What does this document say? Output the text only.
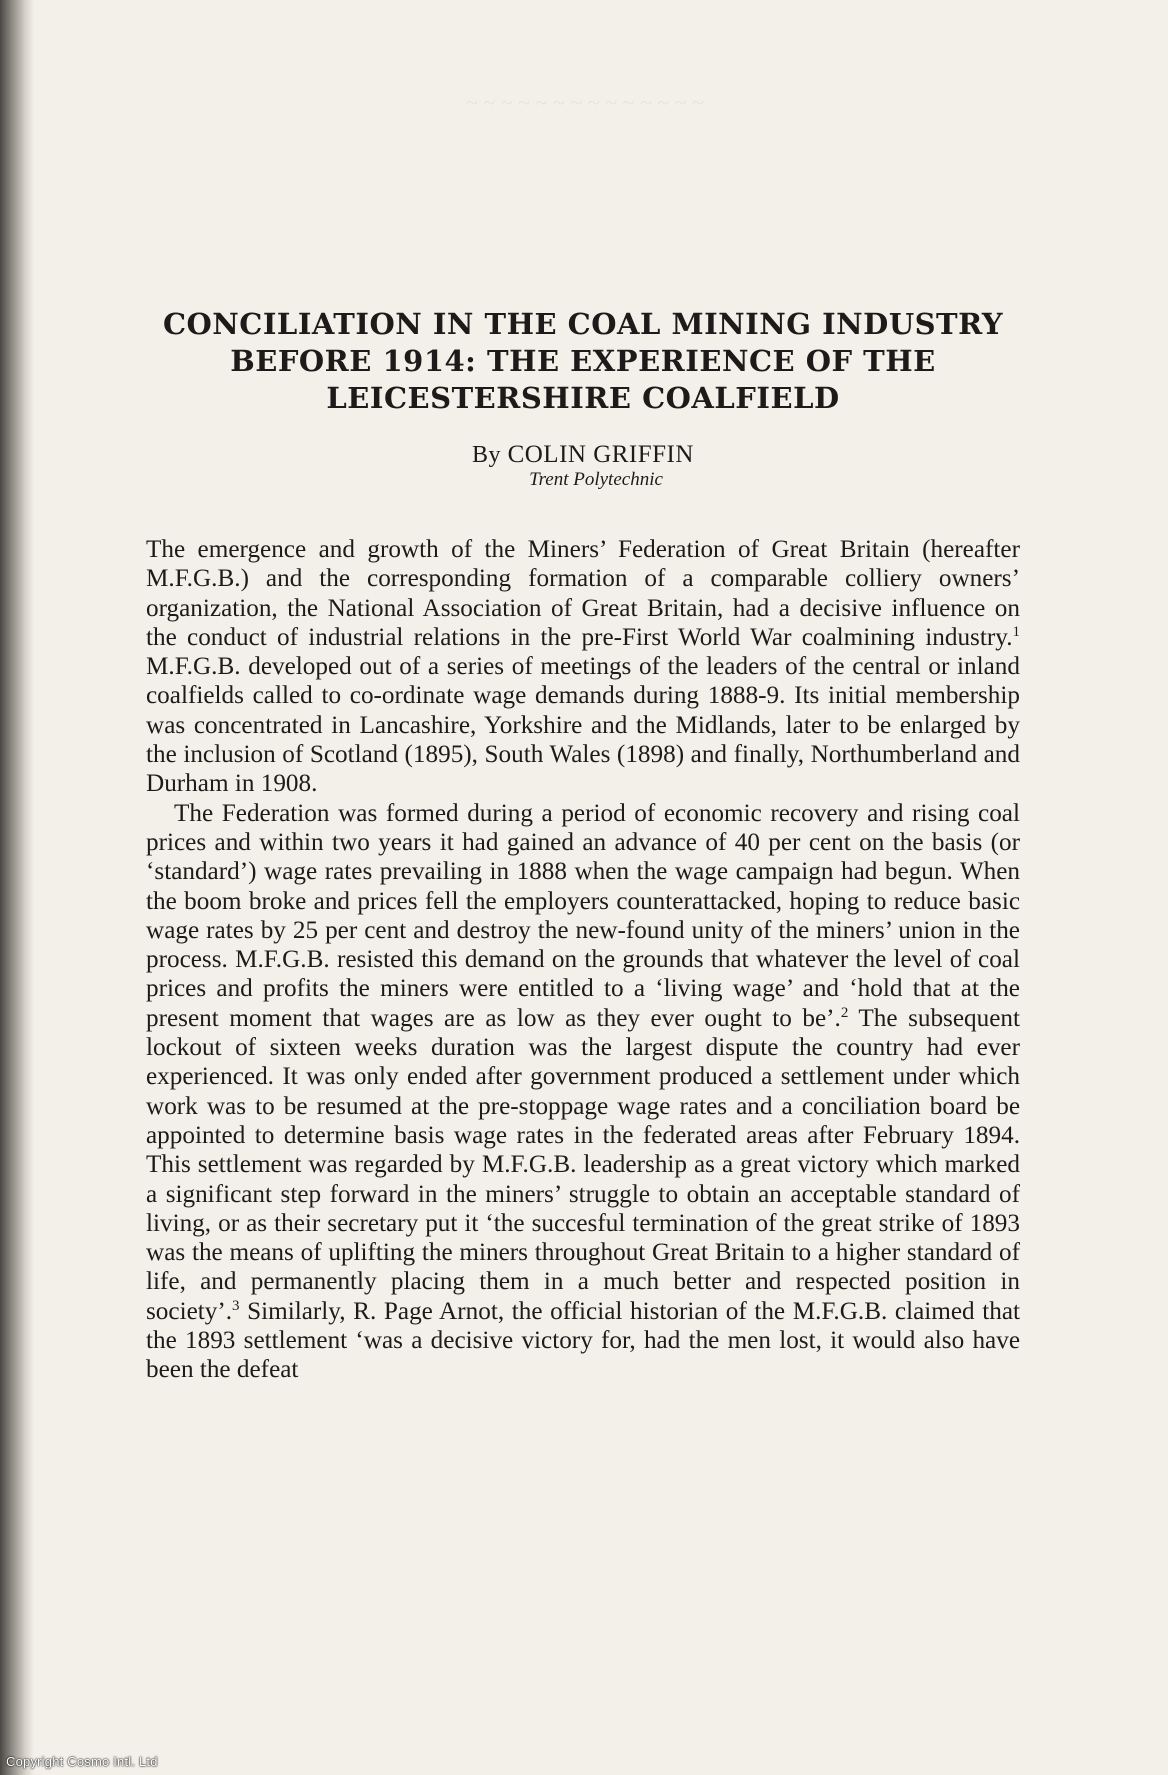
~ ~ ~ ~ ~ ~ ~ ~ ~ ~ ~ ~ ~ ~
CONCILIATION IN THE COAL MINING INDUSTRY
BEFORE 1914: THE EXPERIENCE OF THE
LEICESTERSHIRE COALFIELD
By COLIN GRIFFIN
Trent Polytechnic

The emergence and growth of the Miners’ Federation of Great Britain (hereafter M.F.G.B.) and the corresponding formation of a comparable colliery owners’ organization, the National Association of Great Britain, had a decisive influence on the conduct of industrial relations in the pre-First World War coalmining industry.$^1$ M.F.G.B. developed out of a series of meetings of the leaders of the central or inland coalfields called to co-ordinate wage demands during 1888-9. Its initial membership was concentrated in Lancashire, Yorkshire and the Midlands, later to be enlarged by the inclusion of Scotland (1895), South Wales (1898) and finally, Northumberland and Durham in 1908.

The Federation was formed during a period of economic recovery and rising coal prices and within two years it had gained an advance of 40 per cent on the basis (or ‘standard’) wage rates prevailing in 1888 when the wage campaign had begun. When the boom broke and prices fell the employers counterattacked, hoping to reduce basic wage rates by 25 per cent and destroy the new-found unity of the miners’ union in the process. M.F.G.B. resisted this demand on the grounds that whatever the level of coal prices and profits the miners were entitled to a ‘living wage’ and ‘hold that at the present moment that wages are as low as they ever ought to be’.$^2$ The subsequent lockout of sixteen weeks duration was the largest dispute the country had ever experienced. It was only ended after government produced a settlement under which work was to be resumed at the pre-stoppage wage rates and a conciliation board be appointed to determine basis wage rates in the federated areas after February 1894. This settlement was regarded by M.F.G.B. leadership as a great victory which marked a significant step forward in the miners’ struggle to obtain an acceptable standard of living, or as their secretary put it ‘the succesful termination of the great strike of 1893 was the means of uplifting the miners throughout Great Britain to a higher standard of life, and permanently placing them in a much better and respected position in society’.$^3$ Similarly, R. Page Arnot, the official historian of the M.F.G.B. claimed that the 1893 settlement ‘was a decisive victory for, had the men lost, it would also have been the defeat

Copyright Cosmo Intl. Ltd
